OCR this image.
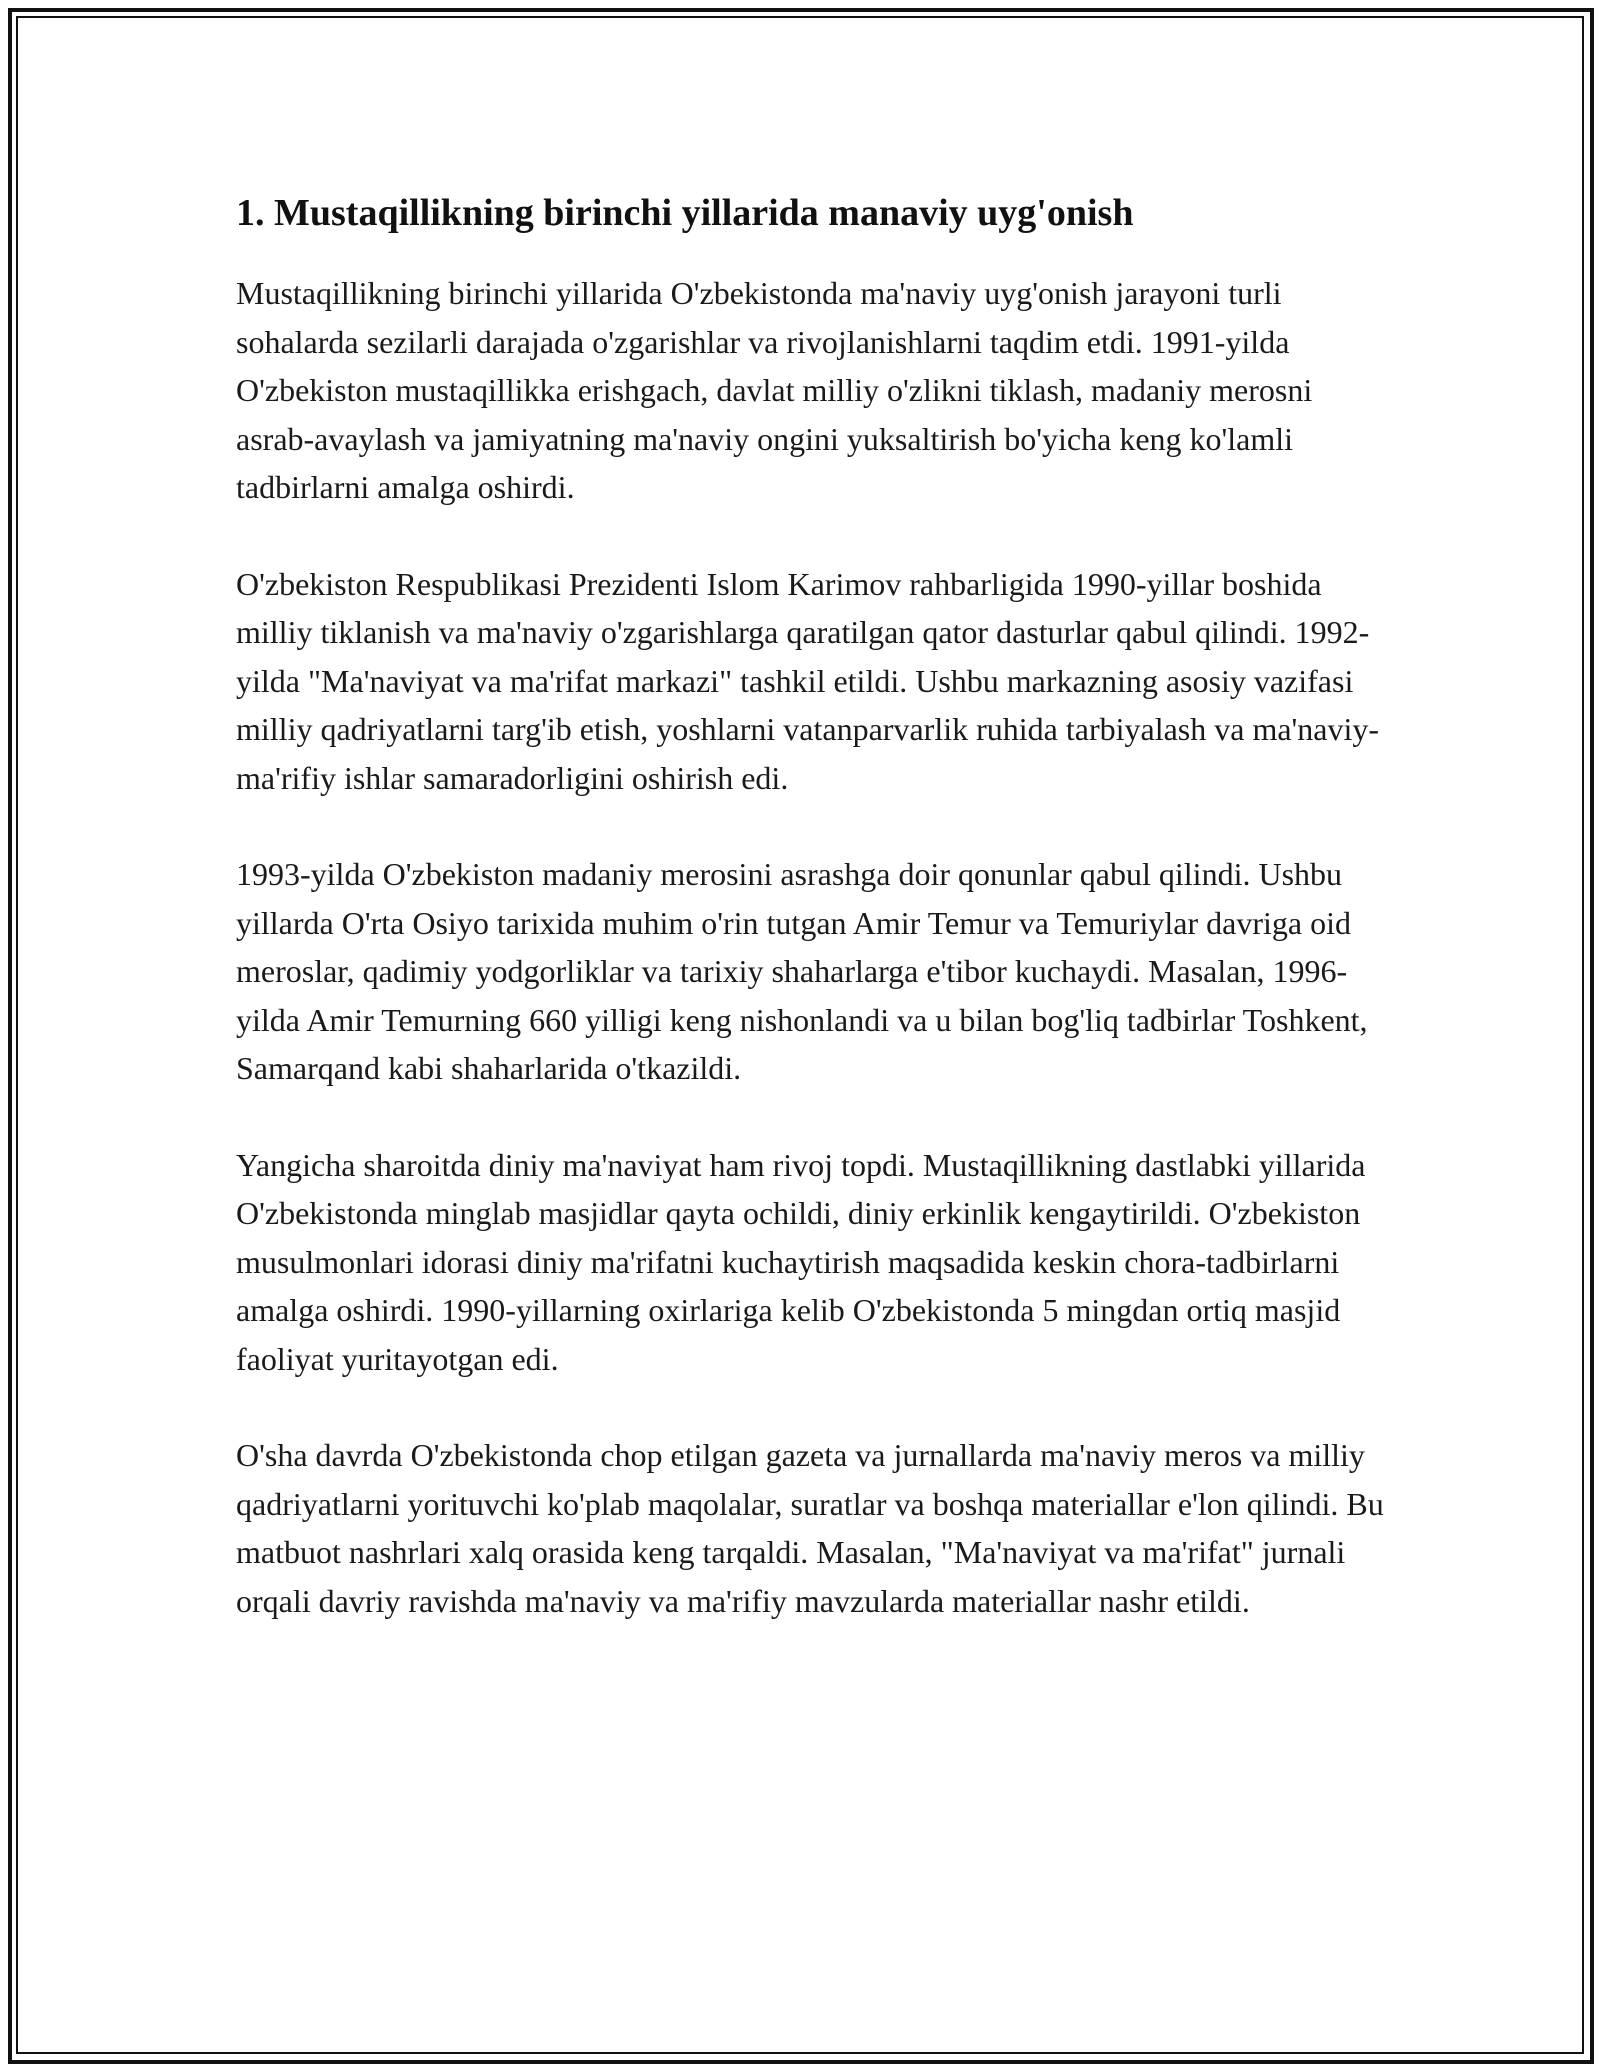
1. Mustaqillikning birinchi yillarida manaviy uyg'onish

Mustaqillikning birinchi yillarida O'zbekistonda ma'naviy uyg'onish jarayoni turli sohalarda sezilarli darajada o'zgarishlar va rivojlanishlarni taqdim etdi. 1991-yilda O'zbekiston mustaqillikka erishgach, davlat milliy o'zlikni tiklash, madaniy merosni asrab-avaylash va jamiyatning ma'naviy ongini yuksaltirish bo'yicha keng ko'lamli tadbirlarni amalga oshirdi.

O'zbekiston Respublikasi Prezidenti Islom Karimov rahbarligida 1990-yillar boshida milliy tiklanish va ma'naviy o'zgarishlarga qaratilgan qator dasturlar qabul qilindi. 1992-yilda "Ma'naviyat va ma'rifat markazi" tashkil etildi. Ushbu markazning asosiy vazifasi milliy qadriyatlarni targ'ib etish, yoshlarni vatanparvarlik ruhida tarbiyalash va ma'naviy-ma'rifiy ishlar samaradorligini oshirish edi.

1993-yilda O'zbekiston madaniy merosini asrashga doir qonunlar qabul qilindi. Ushbu yillarda O'rta Osiyo tarixida muhim o'rin tutgan Amir Temur va Temuriylar davriga oid meroslar, qadimiy yodgorliklar va tarixiy shaharlarga e'tibor kuchaydi. Masalan, 1996-yilda Amir Temurning 660 yilligi keng nishonlandi va u bilan bog'liq tadbirlar Toshkent, Samarqand kabi shaharlarida o'tkazildi.

Yangicha sharoitda diniy ma'naviyat ham rivoj topdi. Mustaqillikning dastlabki yillarida O'zbekistonda minglab masjidlar qayta ochildi, diniy erkinlik kengaytirildi. O'zbekiston musulmonlari idorasi diniy ma'rifatni kuchaytirish maqsadida keskin chora-tadbirlarni amalga oshirdi. 1990-yillarning oxirlariga kelib O'zbekistonda 5 mingdan ortiq masjid faoliyat yuritayotgan edi.

O'sha davrda O'zbekistonda chop etilgan gazeta va jurnallarda ma'naviy meros va milliy qadriyatlarni yorituvchi ko'plab maqolalar, suratlar va boshqa materiallar e'lon qilindi. Bu matbuot nashrlari xalq orasida keng tarqaldi. Masalan, "Ma'naviyat va ma'rifat" jurnali orqali davriy ravishda ma'naviy va ma'rifiy mavzularda materiallar nashr etildi.
